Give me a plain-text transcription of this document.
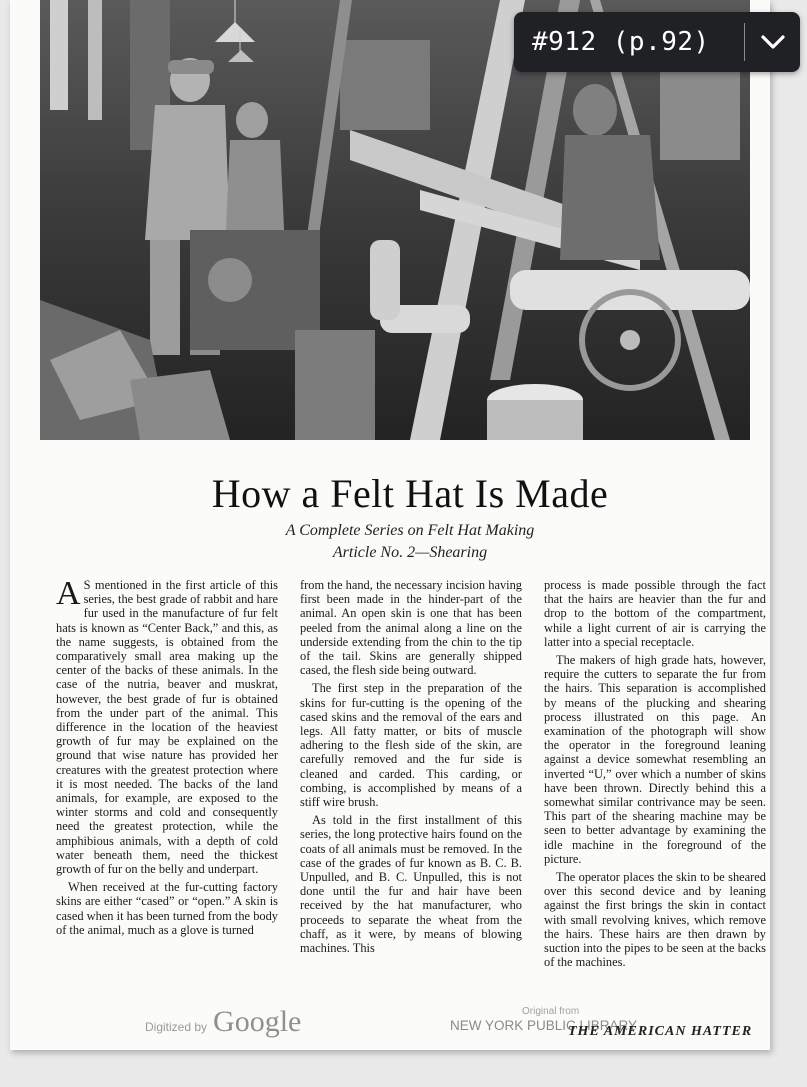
How a Felt Hat Is Made
A Complete Series on Felt Hat Making
Article No. 2—Shearing

A S mentioned in the first article of this series, the best grade of rabbit and hare fur used in the manufacture of fur felt hats is known as “Center Back,” and this, as the name suggests, is obtained from the comparatively small area making up the center of the backs of these animals. In the case of the nutria, beaver and muskrat, however, the best grade of fur is obtained from the under part of the animal. This difference in the location of the heaviest growth of fur may be explained on the ground that wise nature has provided her creatures with the greatest protection where it is most needed. The backs of the land animals, for example, are exposed to the winter storms and cold and consequently need the greatest protection, while the amphibious animals, with a depth of cold water beneath them, need the thickest growth of fur on the belly and underpart.

When received at the fur-cutting factory skins are either “cased” or “open.” A skin is cased when it has been turned from the body of the animal, much as a glove is turned

from the hand, the necessary incision having first been made in the hinder-part of the animal. An open skin is one that has been peeled from the animal along a line on the underside extending from the chin to the tip of the tail. Skins are generally shipped cased, the flesh side being outward.

The first step in the preparation of the skins for fur-cutting is the opening of the cased skins and the removal of the ears and legs. All fatty matter, or bits of muscle adhering to the flesh side of the skin, are carefully removed and the fur side is cleaned and carded. This carding, or combing, is accomplished by means of a stiff wire brush.

As told in the first installment of this series, the long protective hairs found on the coats of all animals must be removed. In the case of the grades of fur known as B. C. B. Unpulled, and B. C. Unpulled, this is not done until the fur and hair have been received by the hat manufacturer, who proceeds to separate the wheat from the chaff, as it were, by means of blowing machines. This

process is made possible through the fact that the hairs are heavier than the fur and drop to the bottom of the compartment, while a light current of air is carrying the latter into a special receptacle.

The makers of high grade hats, however, require the cutters to separate the fur from the hairs. This separation is accomplished by means of the plucking and shearing process illustrated on this page. An examination of the photograph will show the operator in the foreground leaning against a device somewhat resembling an inverted “U,” over which a number of skins have been thrown. Directly behind this a somewhat similar contrivance may be seen. This part of the shearing machine may be seen to better advantage by examining the idle machine in the foreground of the picture.

The operator places the skin to be sheared over this second device and by leaning against the first brings the skin in contact with small revolving knives, which remove the hairs. These hairs are then drawn by suction into the pipes to be seen at the backs of the machines.

Digitized by Google	Original from
NEW YORK PUBLIC LIBRARY
THE AMERICAN HATTER
#912 (p.92)
